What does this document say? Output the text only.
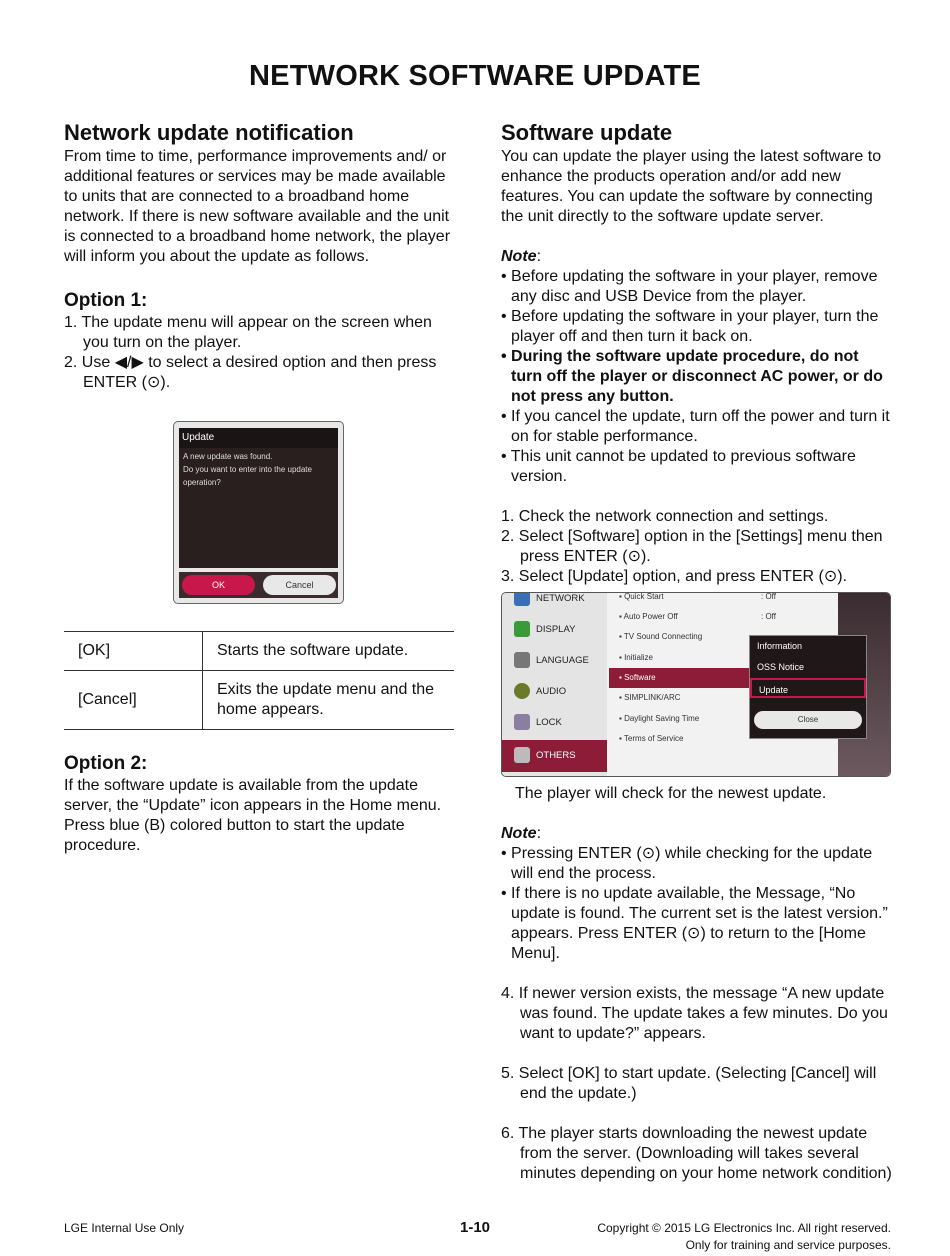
NETWORK SOFTWARE UPDATE
Network update notification

From time to time, performance improvements and/ or additional features or services may be made available to units that are connected to a broadband home network. If there is new software available and the unit is connected to a broadband home network, the player will inform you about the update as follows.

Option 1:
1. The update menu will appear on the screen when you turn on the player.
2. Use ◀/▶ to select a desired option and then press ENTER (⊙).
Update
A new update was found.
Do you want to enter into the update operation?
OK	Cancel
[OK]	Starts the software update.
[Cancel]	Exits the update menu and the home appears.
Option 2:

If the software update is available from the update server, the “Update” icon appears in the Home menu. Press blue (B) colored button to start the update procedure.

Software update

You can update the player using the latest software to enhance the products operation and/or add new features. You can update the software by connecting the unit directly to the software update server.

Note:

• Before updating the software in your player, remove any disc and USB Device from the player.
• Before updating the software in your player, turn the player off and then turn it back on.
• During the software update procedure, do not turn off the player or disconnect AC power, or do not press any button.
• If you cancel the update, turn off the power and turn it on for stable performance.
• This unit cannot be updated to previous software version.
1. Check the network connection and settings.
2. Select [Software] option in the [Settings] menu then press ENTER (⊙).
3. Select [Update] option, and press ENTER (⊙).
NETWORK
DISPLAY
LANGUAGE
AUDIO
LOCK
OTHERS
▪ Quick Start	: Off
▪ Auto Power Off	: Off
▪ TV Sound Connecting
▪ Initialize
▪ Software
▪ SIMPLINK/ARC
▪ Daylight Saving Time
▪ Terms of Service
Information
OSS Notice
Update
Close

The player will check for the newest update.

Note:

• Pressing ENTER (⊙) while checking for the update will end the process.
• If there is no update available, the Message, “No update is found. The current set is the latest version.” appears. Press ENTER (⊙) to return to the [Home Menu].
4. If newer version exists, the message “A new update was found. The update takes a few minutes. Do you want to update?” appears.
5. Select [OK] to start update. (Selecting [Cancel] will end the update.)
6. The player starts downloading the newest update from the server. (Downloading will takes several minutes depending on your home network condition)
LGE Internal Use Only	1-10	Copyright © 2015 LG Electronics Inc. All right reserved.
Only for training and service purposes.
